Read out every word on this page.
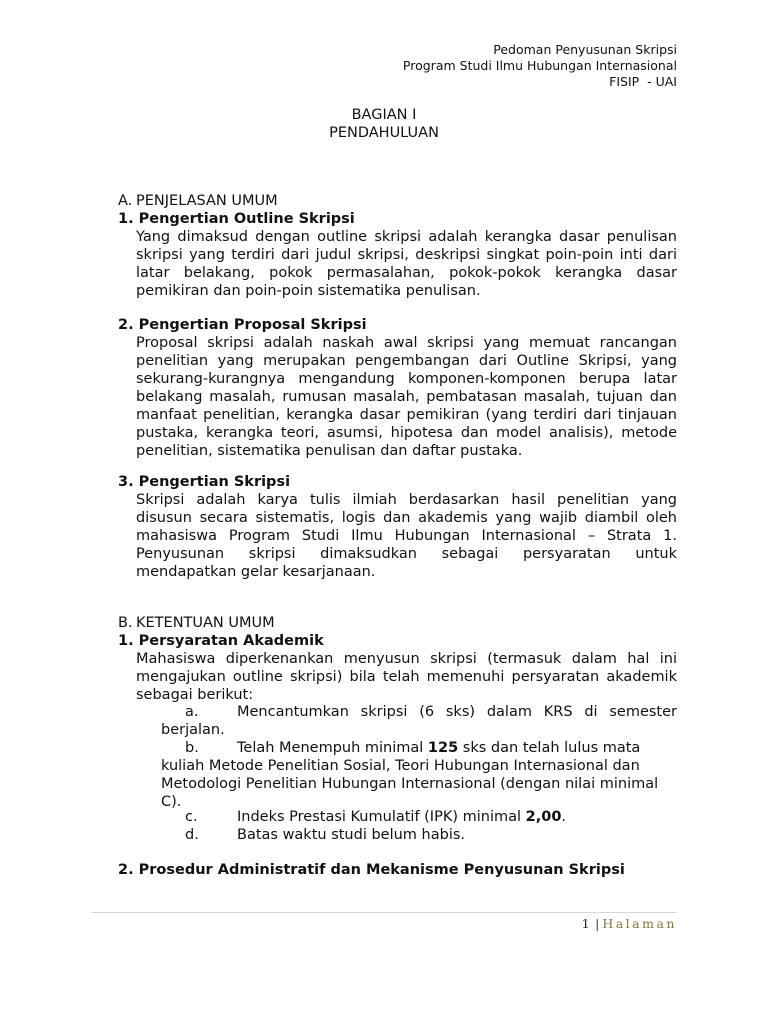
Pedoman Penyusunan Skripsi
Program Studi Ilmu Hubungan Internasional
FISIP  - UAI
BAGIAN I
PENDAHULUAN
A. PENJELASAN UMUM
1. Pengertian Outline Skripsi
Yang dimaksud dengan outline skripsi adalah kerangka dasar penulisan skripsi yang terdiri dari judul skripsi, deskripsi singkat poin-poin inti dari latar belakang, pokok permasalahan, pokok-pokok kerangka dasar pemikiran dan poin-poin sistematika penulisan.
2. Pengertian Proposal Skripsi
Proposal skripsi adalah naskah awal skripsi yang memuat rancangan penelitian yang merupakan pengembangan dari Outline Skripsi, yang sekurang-kurangnya mengandung komponen-komponen berupa latar belakang masalah, rumusan masalah, pembatasan masalah, tujuan dan manfaat penelitian, kerangka dasar pemikiran (yang terdiri dari tinjauan pustaka, kerangka teori, asumsi, hipotesa dan model analisis), metode penelitian, sistematika penulisan dan daftar pustaka.
3. Pengertian Skripsi
Skripsi adalah karya tulis ilmiah berdasarkan hasil penelitian yang disusun secara sistematis, logis dan akademis yang wajib diambil oleh mahasiswa Program Studi Ilmu Hubungan Internasional – Strata 1. Penyusunan skripsi dimaksudkan sebagai persyaratan untuk mendapatkan gelar kesarjanaan.
B. KETENTUAN UMUM
1. Persyaratan Akademik
Mahasiswa diperkenankan menyusun skripsi (termasuk dalam hal ini mengajukan outline skripsi) bila telah memenuhi persyaratan akademik sebagai berikut:
a.	Mencantumkan skripsi (6 sks) dalam KRS di semester berjalan.
b.	Telah Menempuh minimal 125 sks dan telah lulus mata kuliah Metode Penelitian Sosial, Teori Hubungan Internasional dan Metodologi Penelitian Hubungan Internasional (dengan nilai minimal C).
c.	Indeks Prestasi Kumulatif (IPK) minimal 2,00.
d.	Batas waktu studi belum habis.
2. Prosedur Administratif dan Mekanisme Penyusunan Skripsi
1 | Halaman
